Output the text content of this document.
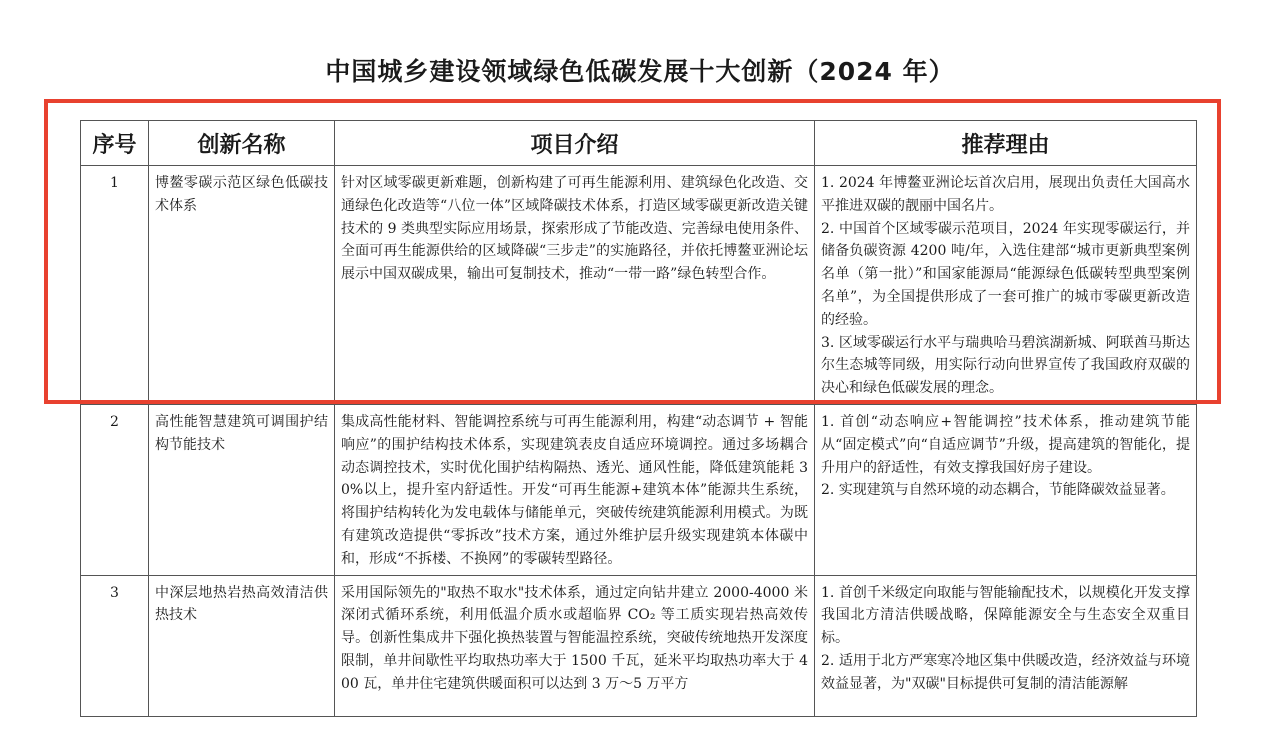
中国城乡建设领域绿色低碳发展十大创新（2024 年）
序号	创新名称	项目介绍	推荐理由
1	博鳌零碳示范区绿色低碳技术体系	针对区域零碳更新难题，创新构建了可再生能源利用、建筑绿色化改造、交通绿色化改造等“八位一体”区域降碳技术体系，打造区域零碳更新改造关键技术的 9 类典型实际应用场景，探索形成了节能改造、完善绿电使用条件、全面可再生能源供给的区域降碳“三步走”的实施路径，并依托博鳌亚洲论坛展示中国双碳成果，输出可复制技术，推动“一带一路”绿色转型合作。	1. 2024 年博鳌亚洲论坛首次启用，展现出负责任大国高水平推进双碳的靓丽中国名片。

2. 中国首个区域零碳示范项目，2024 年实现零碳运行，并储备负碳资源 4200 吨/年，入选住建部“城市更新典型案例名单（第一批）”和国家能源局“能源绿色低碳转型典型案例名单”，为全国提供形成了一套可推广的城市零碳更新改造的经验。

3. 区域零碳运行水平与瑞典哈马碧滨湖新城、阿联酋马斯达尔生态城等同级，用实际行动向世界宣传了我国政府双碳的决心和绿色低碳发展的理念。

2	高性能智慧建筑可调围护结构节能技术	集成高性能材料、智能调控系统与可再生能源利用，构建“动态调节 + 智能响应”的围护结构技术体系，实现建筑表皮自适应环境调控。通过多场耦合动态调控技术，实时优化围护结构隔热、透光、通风性能，降低建筑能耗 30%以上，提升室内舒适性。开发“可再生能源+建筑本体”能源共生系统，将围护结构转化为发电载体与储能单元，突破传统建筑能源利用模式。为既有建筑改造提供“零拆改”技术方案，通过外维护层升级实现建筑本体碳中和，形成“不拆楼、不换网”的零碳转型路径。	1. 首创“动态响应+智能调控”技术体系，推动建筑节能从“固定模式”向“自适应调节”升级，提高建筑的智能化，提升用户的舒适性，有效支撑我国好房子建设。

2. 实现建筑与自然环境的动态耦合，节能降碳效益显著。

3	中深层地热岩热高效清洁供热技术	采用国际领先的"取热不取水"技术体系，通过定向钻井建立 2000-4000 米深闭式循环系统，利用低温介质水或超临界 CO₂ 等工质实现岩热高效传导。创新性集成井下强化换热装置与智能温控系统，突破传统地热开发深度限制，单井间歇性平均取热功率大于 1500 千瓦，延米平均取热功率大于 400 瓦，单井住宅建筑供暖面积可以达到 3 万～5 万平方	1. 首创千米级定向取能与智能输配技术，以规模化开发支撑我国北方清洁供暖战略，保障能源安全与生态安全双重目标。

2. 适用于北方严寒寒冷地区集中供暖改造，经济效益与环境效益显著，为"双碳"目标提供可复制的清洁能源解
